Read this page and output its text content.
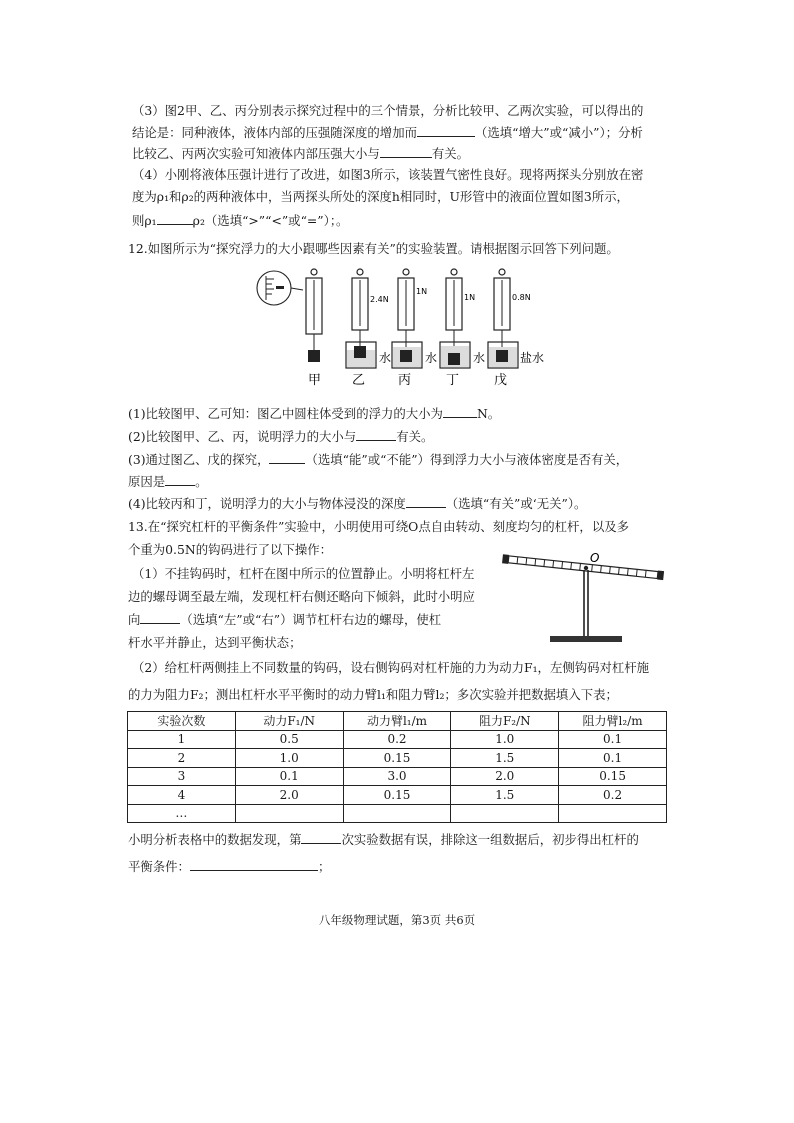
（3）图2甲、乙、丙分别表示探究过程中的三个情景，分析比较甲、乙两次实验，可以得出的
结论是：同种液体，液体内部的压强随深度的增加而	（选填“增大”或“减小”）；分析
比较乙、丙两次实验可知液体内部压强大小与	有关。
（4）小刚将液体压强计进行了改进，如图3所示，该装置气密性良好。现将两探头分别放在密
度为ρ₁和ρ₂的两种液体中，当两探头所处的深度h相同时，U形管中的液面位置如图3所示，
则ρ₁	ρ₂（选填“>”“<”或“=”）；。
12.如图所示为“探究浮力的大小跟哪些因素有关”的实验装置。请根据图示回答下列问题。
甲
2.4N
水
乙
1N
水
丙
1N
水
丁
0.8N
盐水
戊
(1)比较图甲、乙可知：图乙中圆柱体受到的浮力的大小为	N。
(2)比较图甲、乙、丙，说明浮力的大小与	有关。
(3)通过图乙、戊的探究，	（选填“能”或“不能”）得到浮力大小与液体密度是否有关，
原因是 。
(4)比较丙和丁，说明浮力的大小与物体浸没的深度	（选填“有关”或‘无关”）。
13.在“探究杠杆的平衡条件”实验中，小明使用可绕O点自由转动、刻度均匀的杠杆，以及多
个重为0.5N的钩码进行了以下操作：
（1）不挂钩码时，杠杆在图中所示的位置静止。小明将杠杆左
边的螺母调至最左端，发现杠杆右侧还略向下倾斜，此时小明应
向	（选填“左”或“右”）调节杠杆右边的螺母，使杠
杆水平并静止，达到平衡状态；
O
（2）给杠杆两侧挂上不同数量的钩码，设右侧钩码对杠杆施的力为动力F₁，左侧钩码对杠杆施
的力为阻力F₂；测出杠杆水平平衡时的动力臂l₁和阻力臂l₂；多次实验并把数据填入下表；
实验次数	动力F₁/N	动力臂l₁/m	阻力F₂/N	阻力臂l₂/m
1	0.5	0.2	1.0	0.1
2	1.0	0.15	1.5	0.1
3	0.1	3.0	2.0	0.15
4	2.0	0.15	1.5	0.2
…				
小明分析表格中的数据发现，第	次实验数据有误，排除这一组数据后，初步得出杠杆的
平衡条件：	；
八年级物理试题，第3页 共6页
